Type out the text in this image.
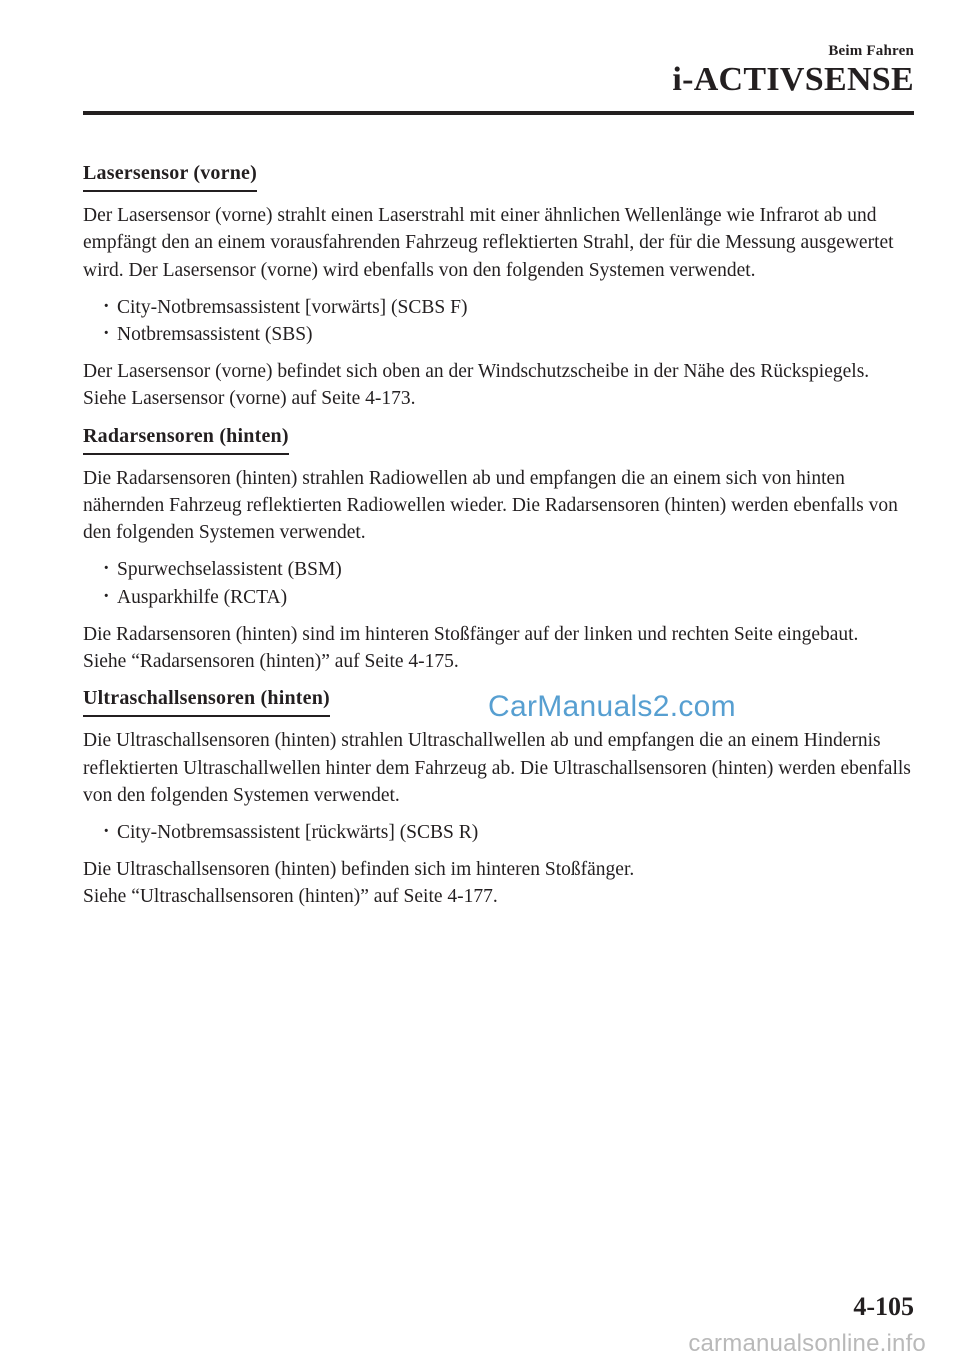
Beim Fahren
i-ACTIVSENSE
Lasersensor (vorne)

Der Lasersensor (vorne) strahlt einen Laserstrahl mit einer ähnlichen Wellenlänge wie Infrarot ab und empfängt den an einem vorausfahrenden Fahrzeug reflektierten Strahl, der für die Messung ausgewertet wird. Der Lasersensor (vorne) wird ebenfalls von den folgenden Systemen verwendet.

· City-Notbremsassistent [vorwärts] (SCBS F)
· Notbremsassistent (SBS)

Der Lasersensor (vorne) befindet sich oben an der Windschutzscheibe in der Nähe des Rückspiegels.
Siehe Lasersensor (vorne) auf Seite 4-173.

Radarsensoren (hinten)

Die Radarsensoren (hinten) strahlen Radiowellen ab und empfangen die an einem sich von hinten nähernden Fahrzeug reflektierten Radiowellen wieder. Die Radarsensoren (hinten) werden ebenfalls von den folgenden Systemen verwendet.

· Spurwechselassistent (BSM)
· Ausparkhilfe (RCTA)

Die Radarsensoren (hinten) sind im hinteren Stoßfänger auf der linken und rechten Seite eingebaut.
Siehe “Radarsensoren (hinten)” auf Seite 4-175.

Ultraschallsensoren (hinten)

Die Ultraschallsensoren (hinten) strahlen Ultraschallwellen ab und empfangen die an einem Hindernis reflektierten Ultraschallwellen hinter dem Fahrzeug ab. Die Ultraschallsensoren (hinten) werden ebenfalls von den folgenden Systemen verwendet.

· City-Notbremsassistent [rückwärts] (SCBS R)

Die Ultraschallsensoren (hinten) befinden sich im hinteren Stoßfänger.
Siehe “Ultraschallsensoren (hinten)” auf Seite 4-177.

CarManuals2.com
4-105
carmanualsonline.info
